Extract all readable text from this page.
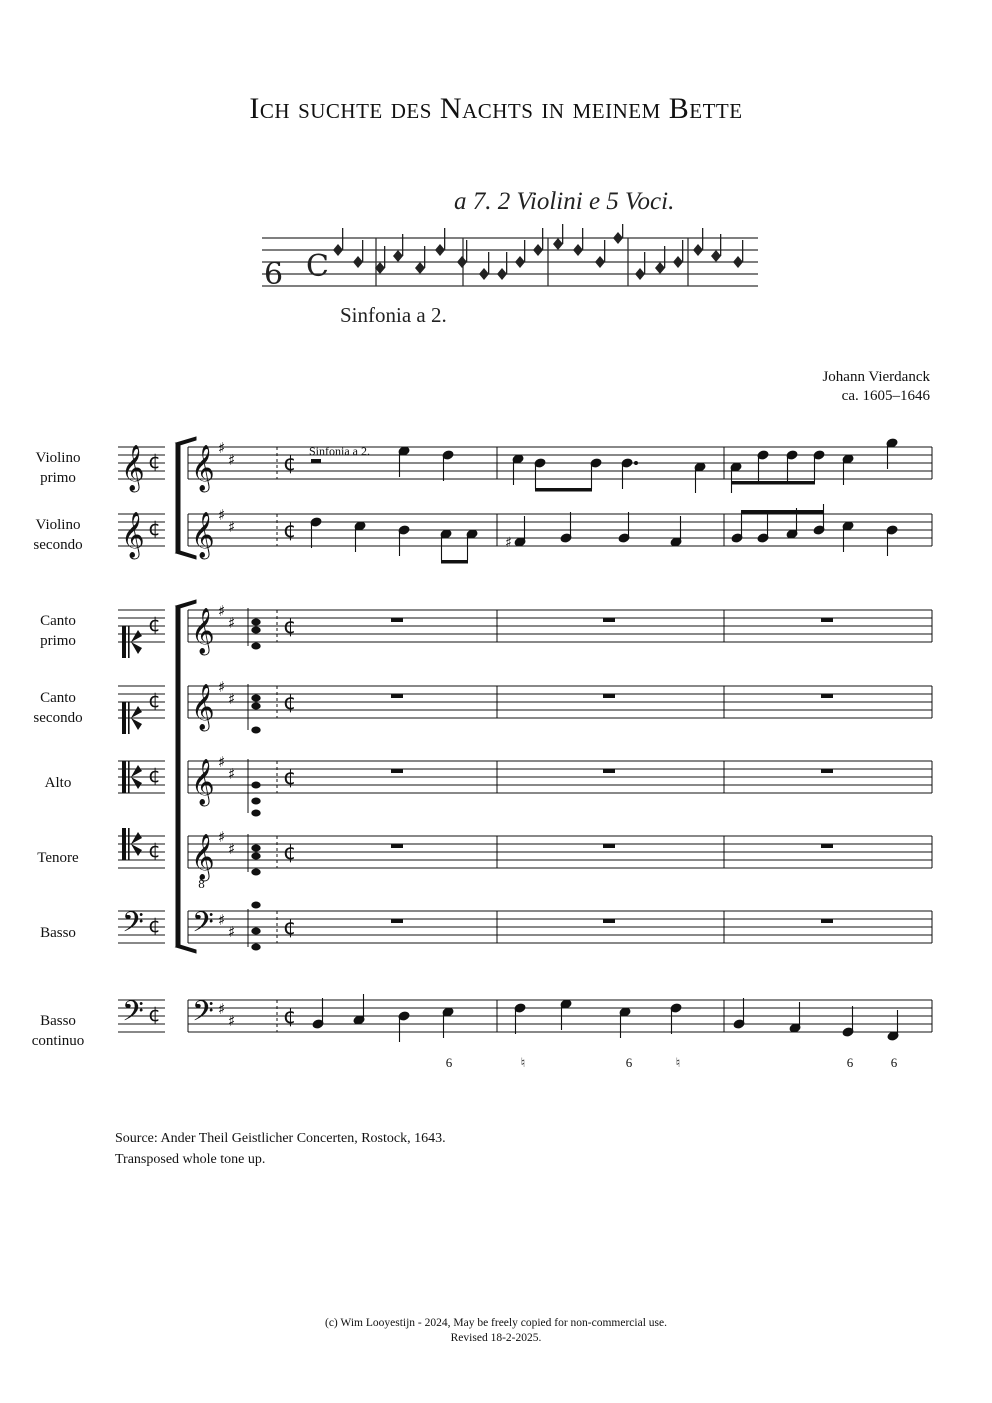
Ich suchte des Nachts in meinem Bette
a 7. 2 Violini e 5 Voci.
6 C
Sinfonia a 2.
Johann Vierdanck
ca. 1605–1646
Sinfonia a 2.
Violino
primo
Violino
secondo
Canto
primo
Canto
secondo
Alto
Tenore
Basso
Basso
continuo
𝄞 ¢ 𝄞 ♯
♯ ¢
𝄞 ¢ 𝄞 ♯
♯ ¢
¢ 𝄞 ♯
♯ ¢
¢ 𝄞 ♯
♯ ¢
¢ 𝄞 ♯
♯ ¢
¢ 𝄞
8
♯
♯ ¢
𝄢 ¢ 𝄢 ♯
♯ ¢
𝄢 ¢ 𝄢 ♯
♯ ¢
♯
6	♮	6	♮	6	6
Source: Ander Theil Geistlicher Concerten, Rostock, 1643.
Transposed whole tone up.
(c) Wim Looyestijn - 2024, May be freely copied for non-commercial use.
Revised 18-2-2025.
